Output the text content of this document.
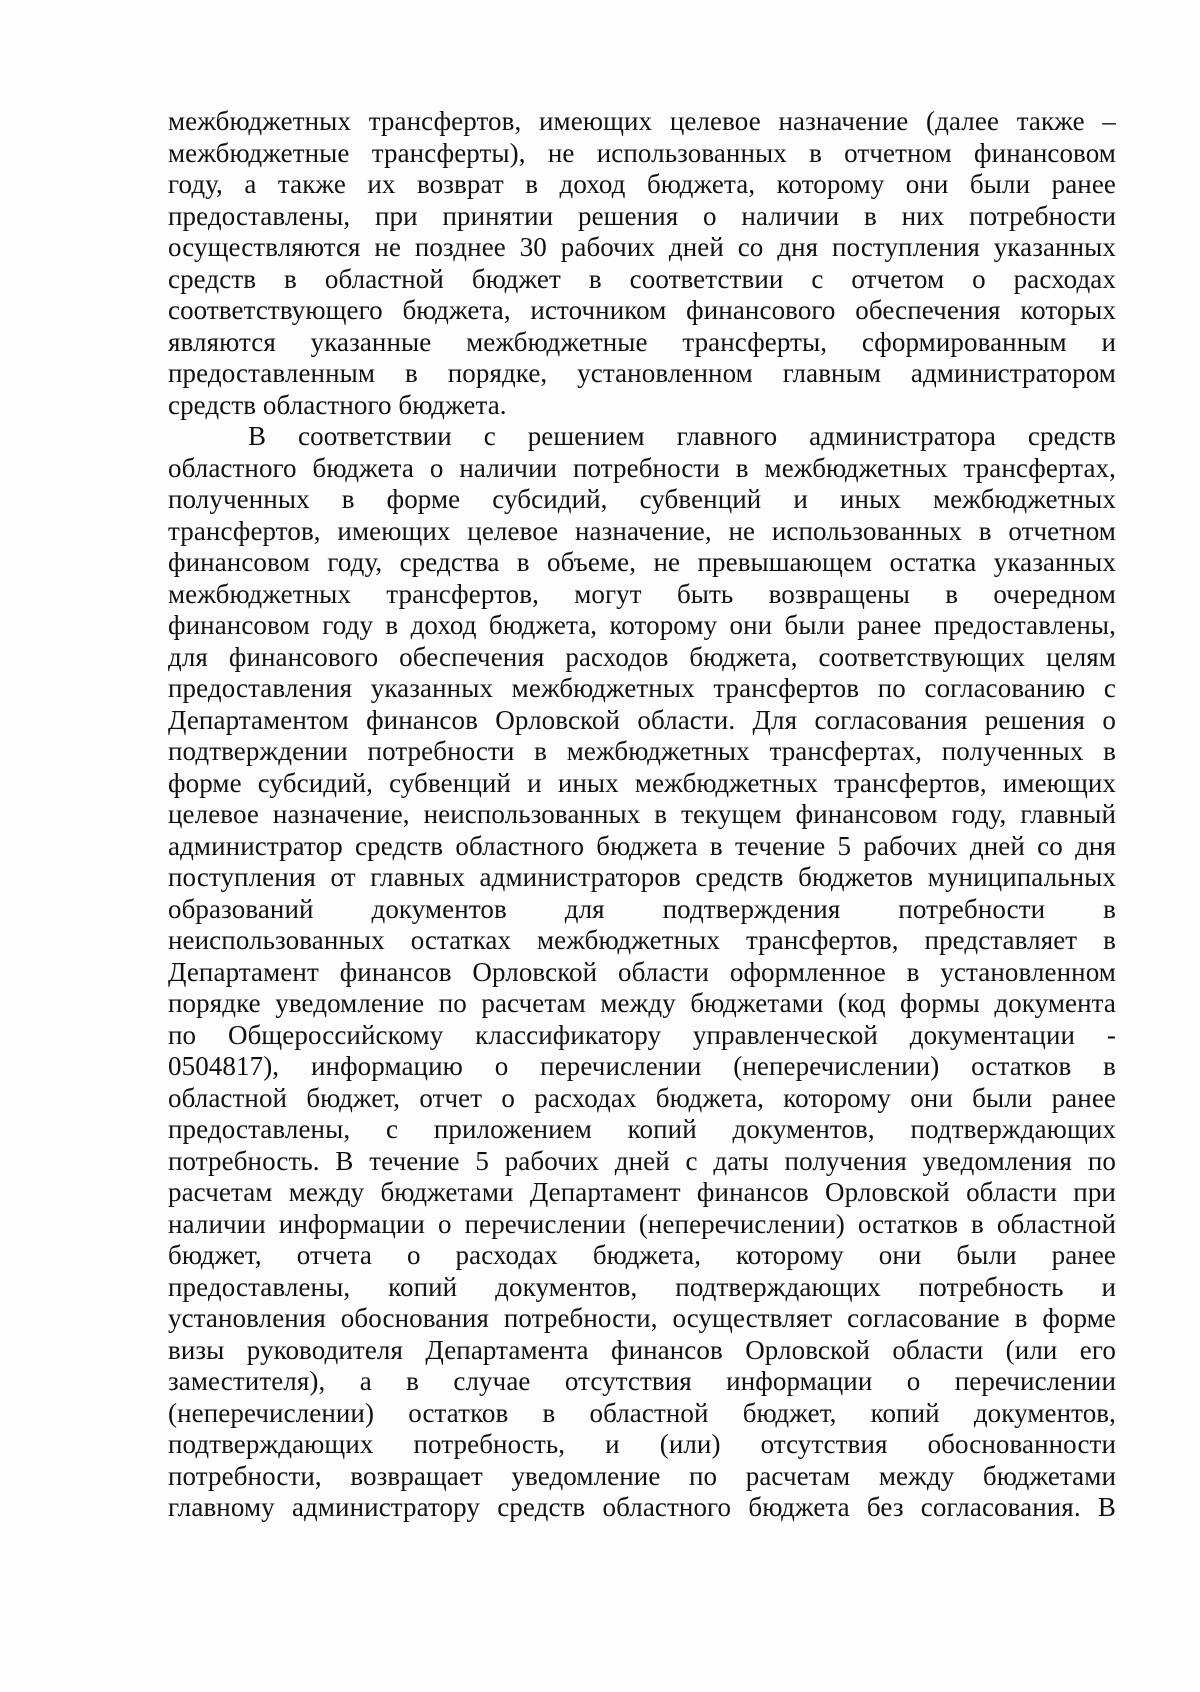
межбюджетных трансфертов, имеющих целевое назначение (далее также –
межбюджетные трансферты), не использованных в отчетном финансовом
году, а также их возврат в доход бюджета, которому они были ранее
предоставлены, при принятии решения о наличии в них потребности
осуществляются не позднее 30 рабочих дней со дня поступления указанных
средств в областной бюджет в соответствии с отчетом о расходах
соответствующего бюджета, источником финансового обеспечения которых
являются указанные межбюджетные трансферты, сформированным и
предоставленным в порядке, установленном главным администратором
средств областного бюджета.
В соответствии с решением главного администратора средств
областного бюджета о наличии потребности в межбюджетных трансфертах,
полученных в форме субсидий, субвенций и иных межбюджетных
трансфертов, имеющих целевое назначение, не использованных в отчетном
финансовом году, средства в объеме, не превышающем остатка указанных
межбюджетных трансфертов, могут быть возвращены в очередном
финансовом году в доход бюджета, которому они были ранее предоставлены,
для финансового обеспечения расходов бюджета, соответствующих целям
предоставления указанных межбюджетных трансфертов по согласованию с
Департаментом финансов Орловской области. Для согласования решения о
подтверждении потребности в межбюджетных трансфертах, полученных в
форме субсидий, субвенций и иных межбюджетных трансфертов, имеющих
целевое назначение, неиспользованных в текущем финансовом году, главный
администратор средств областного бюджета в течение 5 рабочих дней со дня
поступления от главных администраторов средств бюджетов муниципальных
образований документов для подтверждения потребности в
неиспользованных остатках межбюджетных трансфертов, представляет в
Департамент финансов Орловской области оформленное в установленном
порядке уведомление по расчетам между бюджетами (код формы документа
по Общероссийскому классификатору управленческой документации -
0504817), информацию о перечислении (неперечислении) остатков в
областной бюджет, отчет о расходах бюджета, которому они были ранее
предоставлены, с приложением копий документов, подтверждающих
потребность. В течение 5 рабочих дней с даты получения уведомления по
расчетам между бюджетами Департамент финансов Орловской области при
наличии информации о перечислении (неперечислении) остатков в областной
бюджет, отчета о расходах бюджета, которому они были ранее
предоставлены, копий документов, подтверждающих потребность и
установления обоснования потребности, осуществляет согласование в форме
визы руководителя Департамента финансов Орловской области (или его
заместителя), а в случае отсутствия информации о перечислении
(неперечислении) остатков в областной бюджет, копий документов,
подтверждающих потребность, и (или) отсутствия обоснованности
потребности, возвращает уведомление по расчетам между бюджетами
главному администратору средств областного бюджета без согласования. В
